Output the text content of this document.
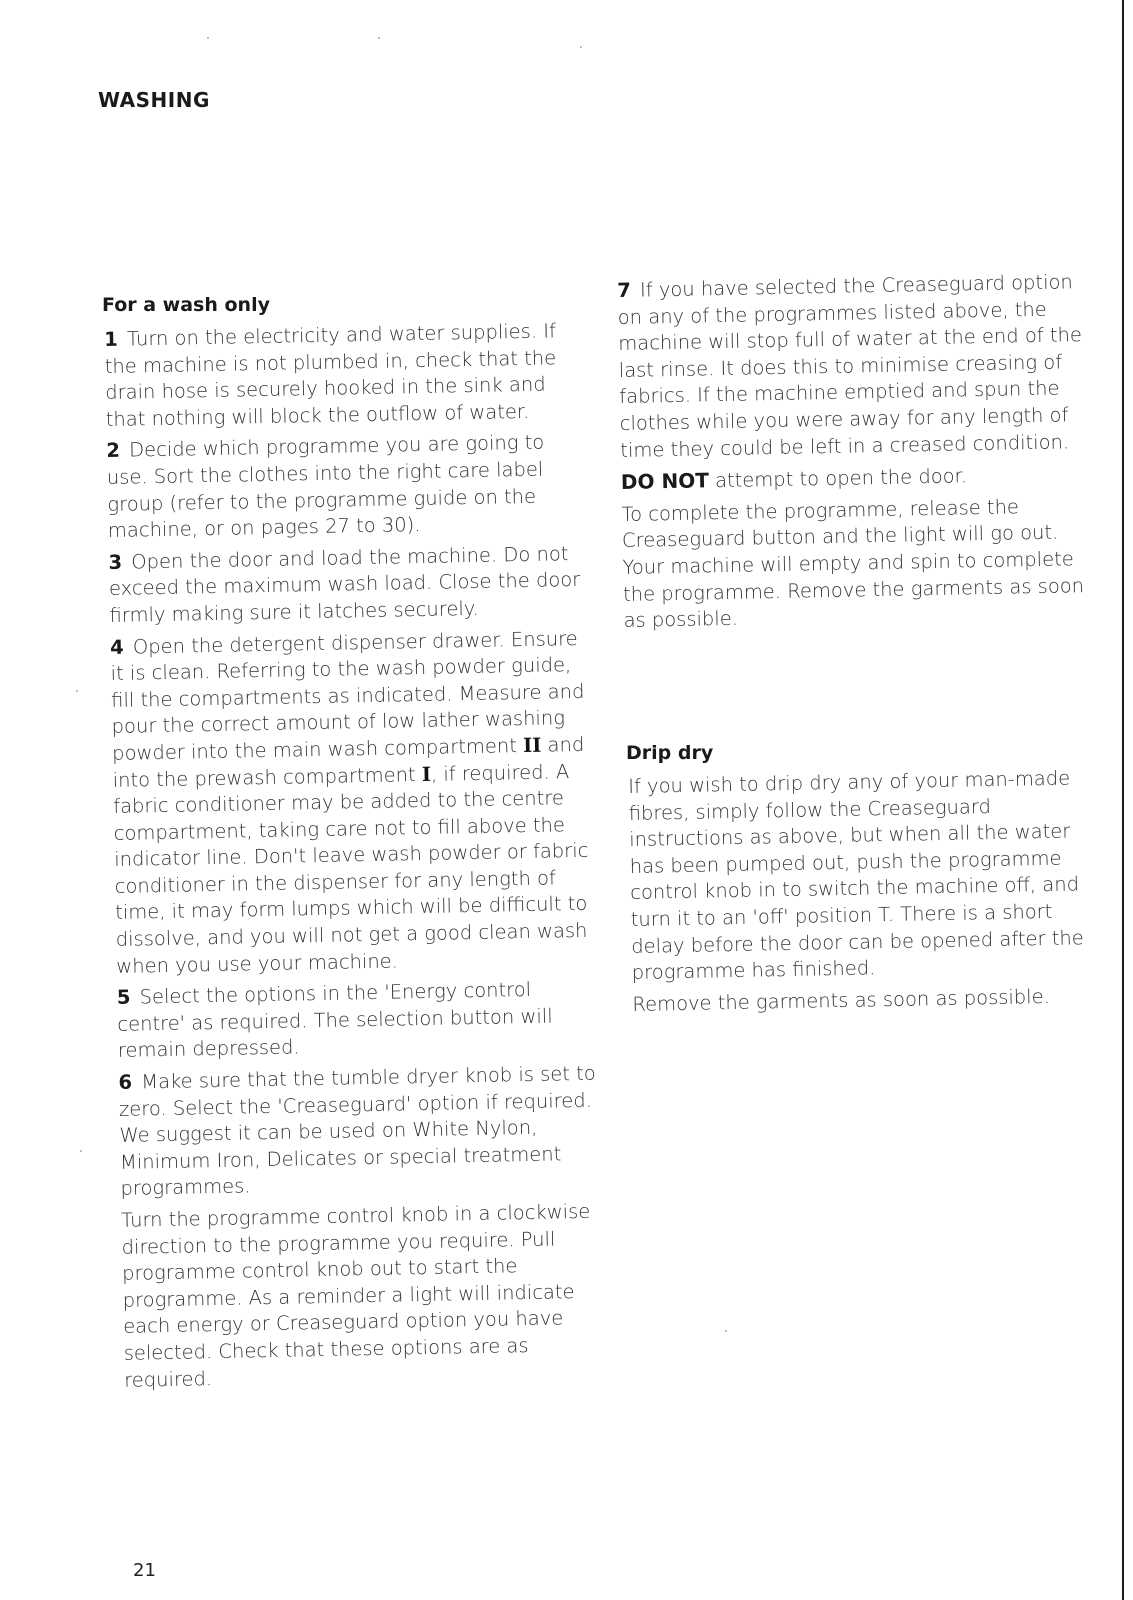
WASHING
For a wash only

1 Turn on the electricity and water supplies. If the machine is not plumbed in, check that the drain hose is securely hooked in the sink and that nothing will block the outflow of water.

2 Decide which programme you are going to use. Sort the clothes into the right care label group (refer to the programme guide on the machine, or on pages 27 to 30).

3 Open the door and load the machine. Do not exceed the maximum wash load. Close the door firmly making sure it latches securely.

4 Open the detergent dispenser drawer. Ensure it is clean. Referring to the wash powder guide, fill the compartments as indicated. Measure and pour the correct amount of low lather washing powder into the main wash compartment II and into the prewash compartment I, if required. A fabric conditioner may be added to the centre compartment, taking care not to fill above the indicator line. Don't leave wash powder or fabric conditioner in the dispenser for any length of time, it may form lumps which will be difficult to dissolve, and you will not get a good clean wash when you use your machine.

5 Select the options in the 'Energy control centre' as required. The selection button will remain depressed.

6 Make sure that the tumble dryer knob is set to zero. Select the 'Creaseguard' option if required. We suggest it can be used on White Nylon, Minimum Iron, Delicates or special treatment programmes.

Turn the programme control knob in a clockwise direction to the programme you require. Pull programme control knob out to start the programme. As a reminder a light will indicate each energy or Creaseguard option you have selected. Check that these options are as required.

7 If you have selected the Creaseguard option on any of the programmes listed above, the machine will stop full of water at the end of the last rinse. It does this to minimise creasing of fabrics. If the machine emptied and spun the clothes while you were away for any length of time they could be left in a creased condition.

DO NOT attempt to open the door.

To complete the programme, release the Creaseguard button and the light will go out. Your machine will empty and spin to complete the programme. Remove the garments as soon as possible.

Drip dry

If you wish to drip dry any of your man-made fibres, simply follow the Creaseguard instructions as above, but when all the water has been pumped out, push the programme control knob in to switch the machine off, and turn it to an 'off' position T. There is a short delay before the door can be opened after the programme has finished.

Remove the garments as soon as possible.

21
